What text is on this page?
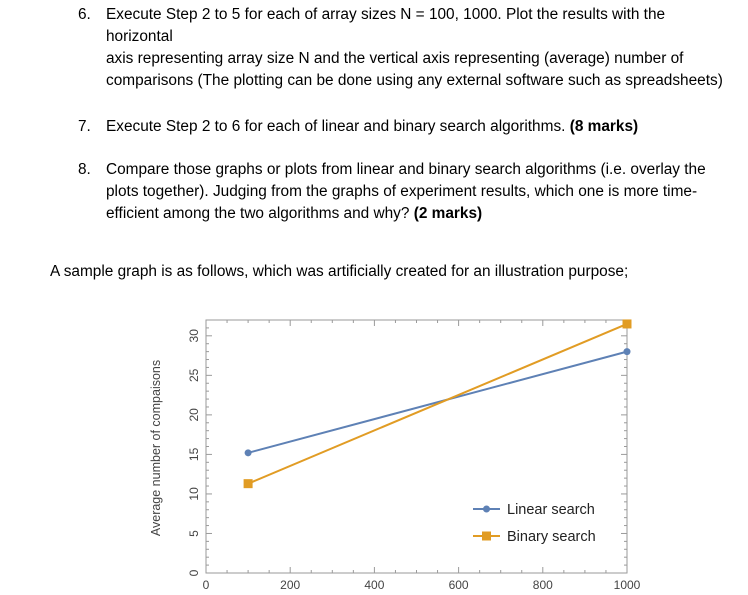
6. Execute Step 2 to 5 for each of array sizes N = 100, 1000. Plot the results with the horizontal
axis representing array size N and the vertical axis representing (average) number of
comparisons (The plotting can be done using any external software such as spreadsheets)
7. Execute Step 2 to 6 for each of linear and binary search algorithms. (8 marks)
8. Compare those graphs or plots from linear and binary search algorithms (i.e. overlay the
plots together). Judging from the graphs of experiment results, which one is more time-
efficient among the two algorithms and why? (2 marks)
A sample graph is as follows, which was artificially created for an illustration purpose;
0	200	400	600	800	1000
0
5
10
15
20
25
30
Average number of compaisons	Linear search
Binary search
